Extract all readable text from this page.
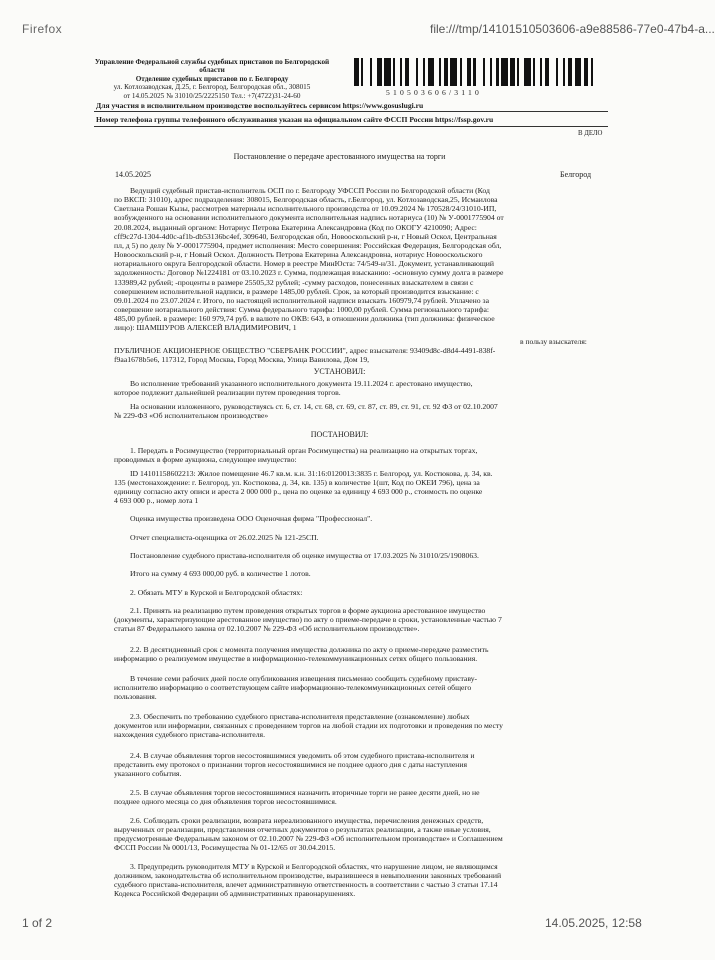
Firefox	file:///tmp/14101510503606-a9e88586-77e0-47b4-a...
Управление Федеральной службы судебных приставов по Белгородской
области
Отделение судебных приставов по г. Белгороду
ул. Котлозаводская, Д.25, г. Белгород, Белгородская обл., 308015
от 14.05.2025 № 31010/25/2225150 Тел.: +7(4722)31-24-60	510503606/3110
Для участия в исполнительном производстве воспользуйтесь сервисом https://www.gosuslugi.ru
Номер телефона группы телефонного обслуживания указан на официальном сайте ФССП России https://fssp.gov.ru
В ДЕЛО
Постановление о передаче арестованного имущества на торги
14.05.2025	Белгород
Ведущий судебный пристав-исполнитель ОСП по г. Белгороду УФССП России по Белгородской области (Код
по ВКСП: 31010), адрес подразделения: 308015, Белгородская область, г.Белгород, ул. Котлозаводская,25, Исмаилова
Светлана Рошан Кызы, рассмотрев материалы исполнительного производства от 10.09.2024 № 170528/24/31010-ИП,
возбужденного на основании исполнительного документа исполнительная надпись нотариуса (10) № У-0001775904 от
20.08.2024, выданный органом: Нотариус Петрова Екатерина Александровна (Код по ОКОГУ 4210090; Адрес:
cff9c27d-1304-4d0c-af1b-db53136bc4ef, 309640, Белгородская обл, Новооскольский р-н, г Новый Оскол, Центральная
пл, д 5) по делу № У-0001775904, предмет исполнения: Место совершения: Российская Федерация, Белгородская обл,
Новооскольский р-н, г Новый Оскол. Должность Петрова Екатерина Александровна, нотариус Новооскольского
нотариального округа Белгородской области. Номер в реестре МинЮста: 74/549-н/31. Документ, устанавливающий
задолженность: Договор №1224181 от 03.10.2023 г. Сумма, подлежащая взысканию: -основную сумму долга в размере
133989,42 рублей; -проценты в размере 25505,32 рублей; -сумму расходов, понесенных взыскателем в связи с
совершением исполнительной надписи, в размере 1485,00 рублей. Срок, за который производится взыскание: с
09.01.2024 по 23.07.2024 г. Итого, по настоящей исполнительной надписи взыскать 160979,74 рублей. Уплачено за
совершение нотариального действия: Сумма федерального тарифа: 1000,00 рублей. Сумма регионального тарифа:
485,00 рублей. в размере: 160 979,74 руб. в валюте по ОКВ: 643, в отношении должника (тип должника: физическое
лицо): ШАМШУРОВ АЛЕКСЕЙ ВЛАДИМИРОВИЧ, 1
в пользу взыскателя:
ПУБЛИЧНОЕ АКЦИОНЕРНОЕ ОБЩЕСТВО "СБЕРБАНК РОССИИ", адрес взыскателя: 93409d8c-d8d4-4491-838f-
f9aa1678b5e6, 117312, Город Москва, Город Москва, Улица Вавилова, Дом 19,
УСТАНОВИЛ:
Во исполнение требований указанного исполнительного документа 19.11.2024 г. арестовано имущество,
которое подлежит дальнейшей реализации путем проведения торгов.
На основании изложенного, руководствуясь ст. 6, ст. 14, ст. 68, ст. 69, ст. 87, ст. 89, ст. 91, ст. 92 ФЗ от 02.10.2007
№ 229-ФЗ «Об исполнительном производстве»
ПОСТАНОВИЛ:
1. Передать в Росимущество (территориальный орган Росимущества) на реализацию на открытых торгах,
проводимых в форме аукциона, следующее имущество:
ID 14101158602213: Жилое помещение 46.7 кв.м. к.н. 31:16:0120013:3835 г. Белгород, ул. Костюкова, д. 34, кв.
135 (местонахождение: г. Белгород, ул. Костюкова, д. 34, кв. 135) в количестве 1(шт, Код по ОКЕИ 796), цена за
единицу согласно акту описи и ареста 2 000 000 р., цена по оценке за единицу 4 693 000 р., стоимость по оценке
4 693 000 р., номер лота 1
Оценка имущества произведена ООО Оценочная фирма "Профессионал".
Отчет специалиста-оценщика от 26.02.2025 № 121-25СП.
Постановление судебного пристава-исполнителя об оценке имущества от 17.03.2025 № 31010/25/1908063.
Итого на сумму 4 693 000,00 руб. в количестве 1 лотов.
2. Обязать МТУ в Курской и Белгородской областях:
2.1. Принять на реализацию путем проведения открытых торгов в форме аукциона арестованное имущество
(документы, характеризующие арестованное имущество) по акту о приеме-передаче в сроки, установленные частью 7
статьи 87 Федерального закона от 02.10.2007 № 229-ФЗ «Об исполнительном производстве».
2.2. В десятидневный срок с момента получения имущества должника по акту о приеме-передаче разместить
информацию о реализуемом имуществе в информационно-телекоммуникационных сетях общего пользования.
В течение семи рабочих дней после опубликования извещения письменно сообщить судебному приставу-
исполнителю информацию о соответствующем сайте информационно-телекоммуникационных сетей общего
пользования.
2.3. Обеспечить по требованию судебного пристава-исполнителя представление (ознакомление) любых
документов или информации, связанных с проведением торгов на любой стадии их подготовки и проведения по месту
нахождения судебного пристава-исполнителя.
2.4. В случае объявления торгов несостоявшимися уведомить об этом судебного пристава-исполнителя и
представить ему протокол о признании торгов несостоявшимися не позднее одного дня с даты наступления
указанного события.
2.5. В случае объявления торгов несостоявшимися назначить вторичные торги не ранее десяти дней, но не
позднее одного месяца со дня объявления торгов несостоявшимися.
2.6. Соблюдать сроки реализации, возврата нереализованного имущества, перечисления денежных средств,
вырученных от реализации, представления отчетных документов о результатах реализации, а также иные условия,
предусмотренные Федеральным законом от 02.10.2007 № 229-ФЗ «Об исполнительном производстве» и Соглашением
ФССП России № 0001/13, Росимущества № 01-12/65 от 30.04.2015.
3. Предупредить руководителя МТУ в Курской и Белгородской областях, что нарушение лицом, не являющимся
должником, законодательства об исполнительном производстве, выразившееся в невыполнении законных требований
судебного пристава-исполнителя, влечет административную ответственность в соответствии с частью 3 статьи 17.14
Кодекса Российской Федерации об административных правонарушениях.
1 of 2	14.05.2025, 12:58
